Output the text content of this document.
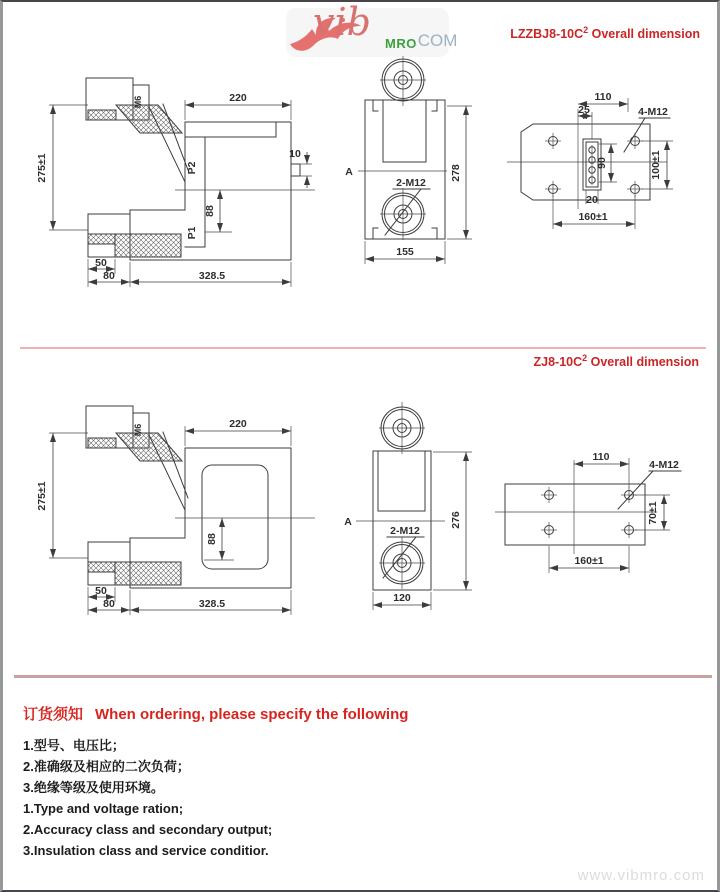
vib MRO
.COM	$LZZBJ8-10C^2$ Overall dimension
M6
10
P2
P1
220
275±1
88
50
80	328.5
A
2-M12
278
155
110
25	4-M12
90
20
100±1
160±1
$ZJ8-10C^2$ Overall dimension
M6	220
275±1
88
50
80	328.5
A
2-M12
276
120
110
4-M12
70±1
160±1
订货须知 When ordering, please specify the following
1.型号、电压比；
2.准确级及相应的二次负荷；
3.绝缘等级及使用环境。
1.Type and voltage ration;
2.Accuracy class and secondary output;
3.Insulation class and service conditior.
www.vibmro.com
